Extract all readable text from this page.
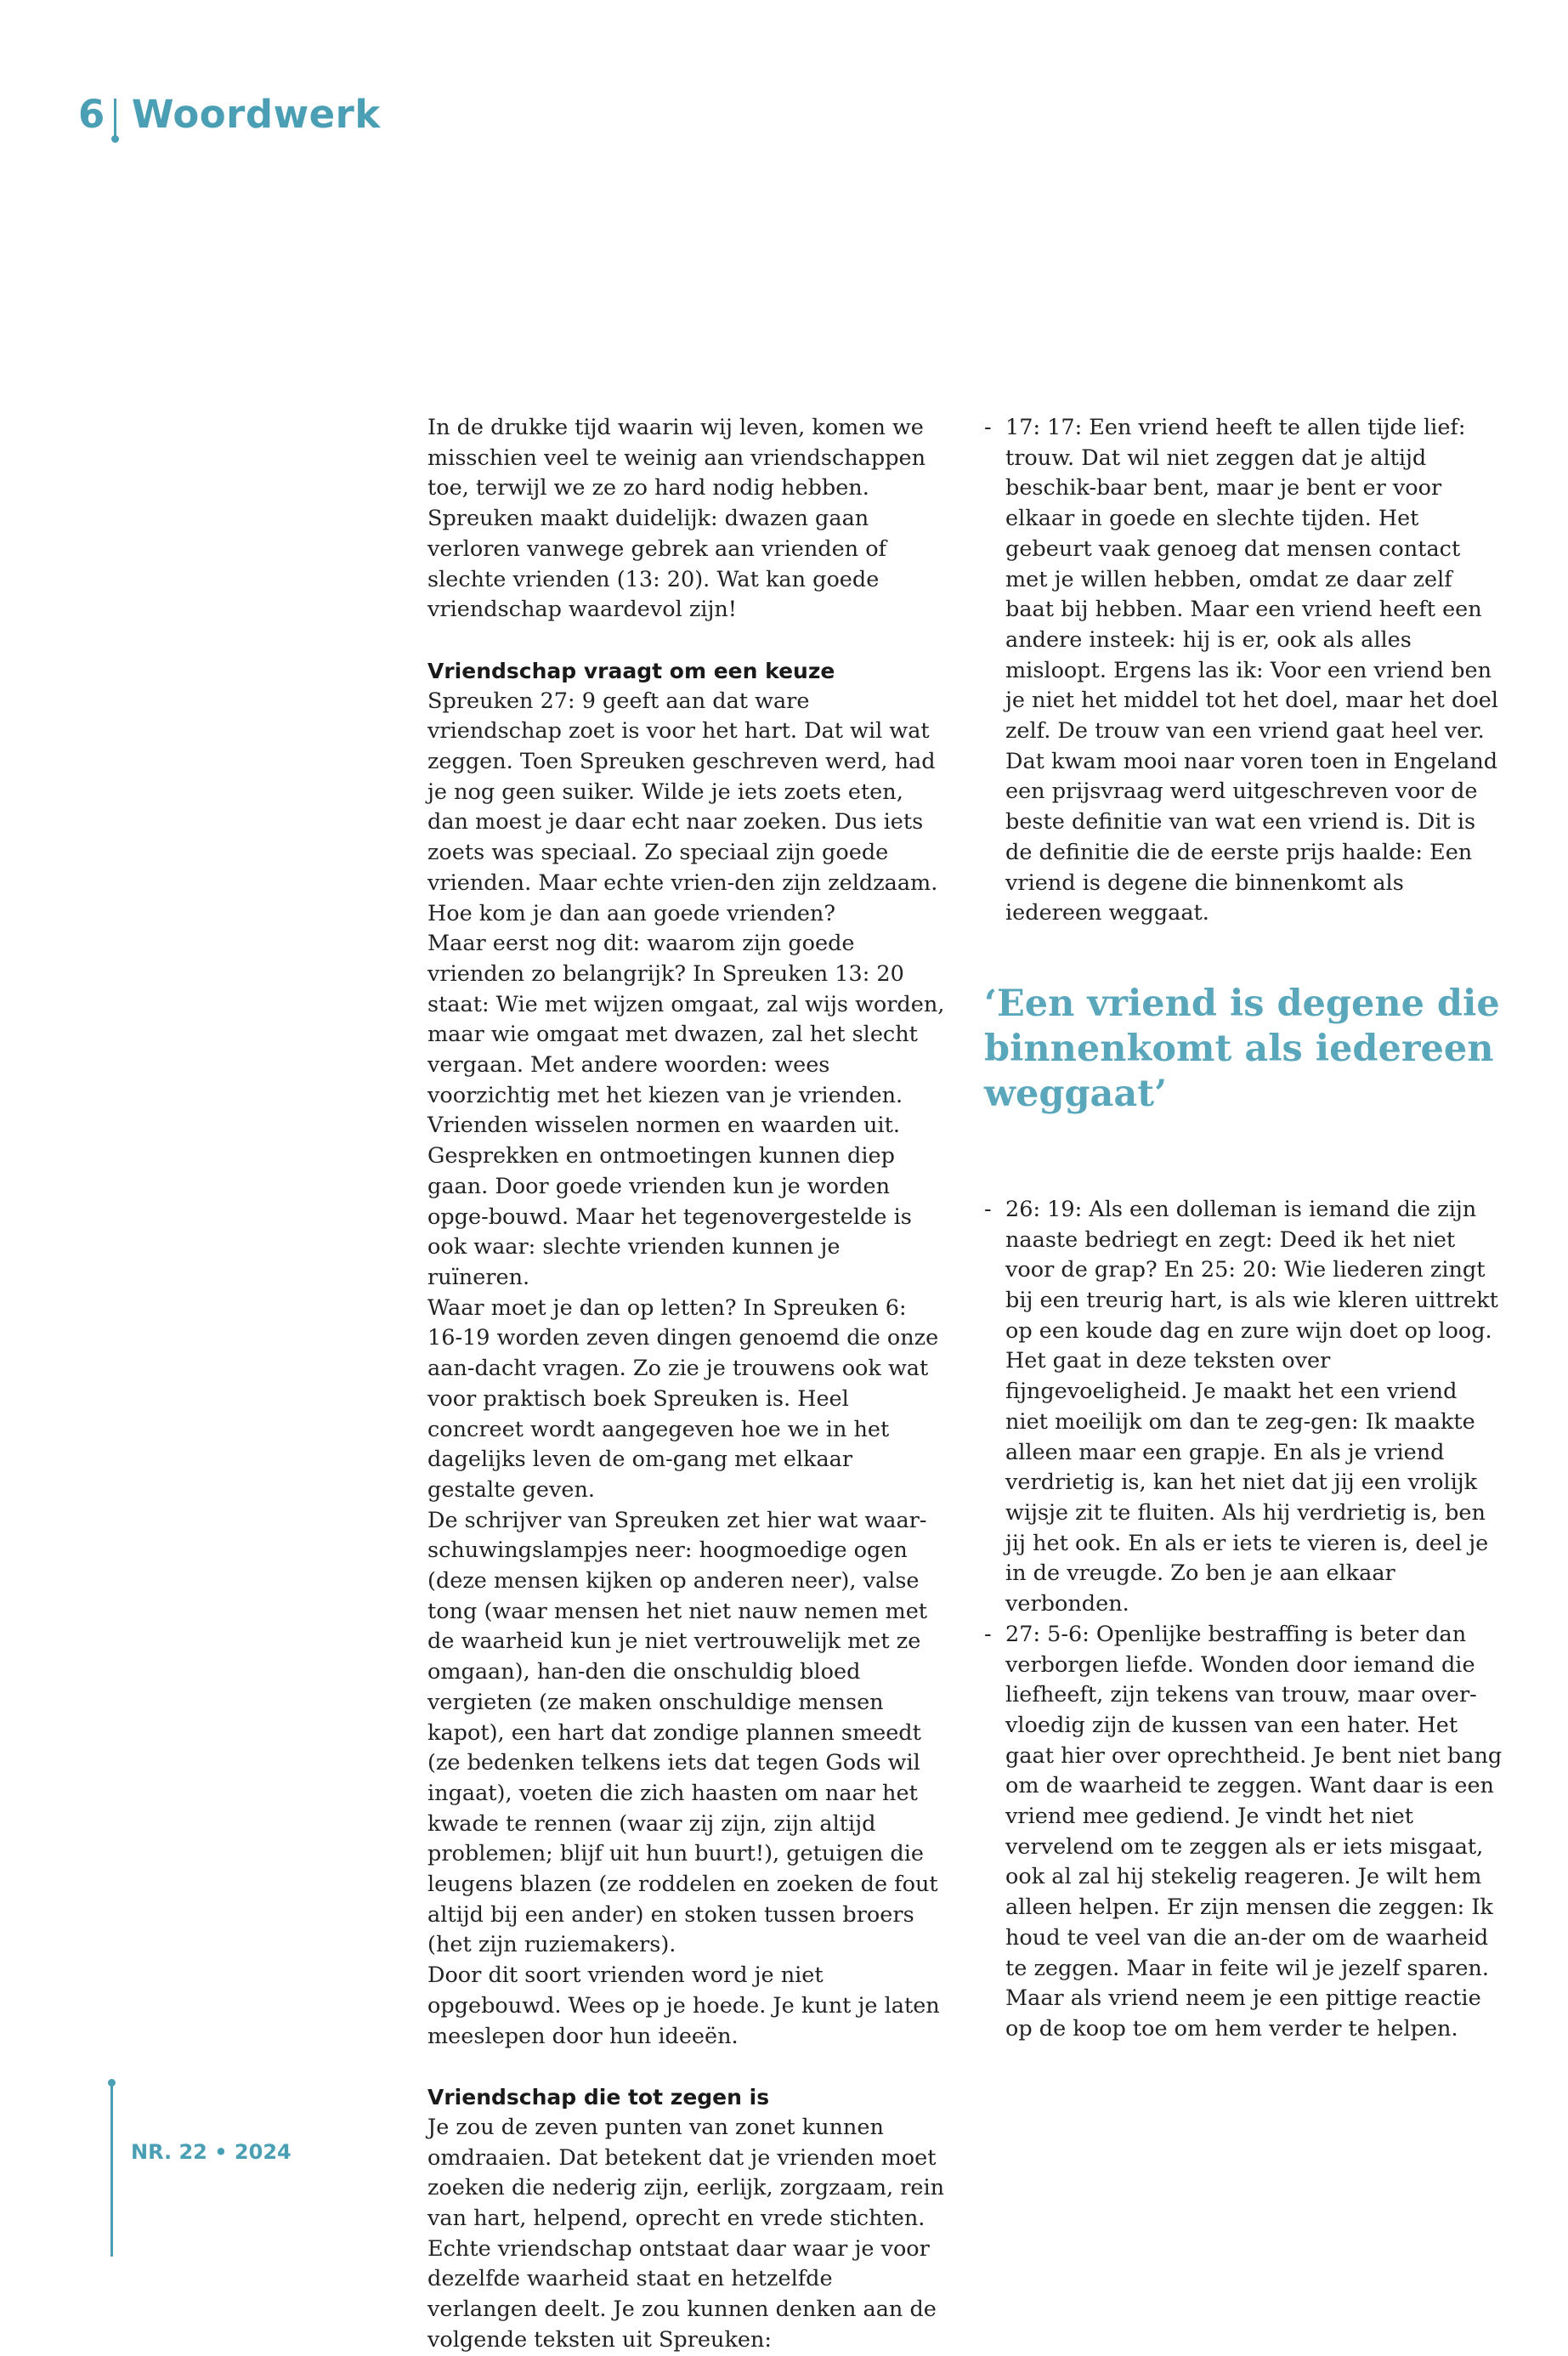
6 Woordwerk

In de drukke tijd waarin wij leven, komen we misschien veel te weinig aan vriendschappen toe, terwijl we ze zo hard nodig hebben. Spreuken maakt duidelijk: dwazen gaan verloren vanwege gebrek aan vrienden of slechte vrienden (13: 20). Wat kan goede vriendschap waardevol zijn!

Vriendschap vraagt om een keuze

Spreuken 27: 9 geeft aan dat ware vriendschap zoet is voor het hart. Dat wil wat zeggen. Toen Spreuken geschreven werd, had je nog geen suiker. Wilde je iets zoets eten, dan moest je daar echt naar zoeken. Dus iets zoets was speciaal. Zo speciaal zijn goede vrienden. Maar echte vrien-den zijn zeldzaam. Hoe kom je dan aan goede vrienden?

Maar eerst nog dit: waarom zijn goede vrienden zo belangrijk? In Spreuken 13: 20 staat: Wie met wijzen omgaat, zal wijs worden, maar wie omgaat met dwazen, zal het slecht vergaan. Met andere woorden: wees voorzichtig met het kiezen van je vrienden. Vrienden wisselen normen en waarden uit. Gesprekken en ontmoetingen kunnen diep gaan. Door goede vrienden kun je worden opge-bouwd. Maar het tegenovergestelde is ook waar: slechte vrienden kunnen je ruïneren.

Waar moet je dan op letten? In Spreuken 6: 16-19 worden zeven dingen genoemd die onze aan-dacht vragen. Zo zie je trouwens ook wat voor praktisch boek Spreuken is. Heel concreet wordt aangegeven hoe we in het dagelijks leven de om-gang met elkaar gestalte geven.

De schrijver van Spreuken zet hier wat waar-schuwingslampjes neer: hoogmoedige ogen (deze mensen kijken op anderen neer), valse tong (waar mensen het niet nauw nemen met de waarheid kun je niet vertrouwelijk met ze omgaan), han-den die onschuldig bloed vergieten (ze maken onschuldige mensen kapot), een hart dat zondige plannen smeedt (ze bedenken telkens iets dat tegen Gods wil ingaat), voeten die zich haasten om naar het kwade te rennen (waar zij zijn, zijn altijd problemen; blijf uit hun buurt!), getuigen die leugens blazen (ze roddelen en zoeken de fout altijd bij een ander) en stoken tussen broers (het zijn ruziemakers).

Door dit soort vrienden word je niet opgebouwd. Wees op je hoede. Je kunt je laten meeslepen door hun ideeën.

Vriendschap die tot zegen is

Je zou de zeven punten van zonet kunnen omdraaien. Dat betekent dat je vrienden moet zoeken die nederig zijn, eerlijk, zorgzaam, rein van hart, helpend, oprecht en vrede stichten. Echte vriendschap ontstaat daar waar je voor dezelfde waarheid staat en hetzelfde verlangen deelt. Je zou kunnen denken aan de volgende teksten uit Spreuken:

- 17: 17: Een vriend heeft te allen tijde lief: trouw. Dat wil niet zeggen dat je altijd beschik-baar bent, maar je bent er voor elkaar in goede en slechte tijden. Het gebeurt vaak genoeg dat mensen contact met je willen hebben, omdat ze daar zelf baat bij hebben. Maar een vriend heeft een andere insteek: hij is er, ook als alles misloopt. Ergens las ik: Voor een vriend ben je niet het middel tot het doel, maar het doel zelf. De trouw van een vriend gaat heel ver. Dat kwam mooi naar voren toen in Engeland een prijsvraag werd uitgeschreven voor de beste definitie van wat een vriend is. Dit is de definitie die de eerste prijs haalde: Een vriend is degene die binnenkomt als iedereen weggaat.
‘Een vriend is degene die binnenkomt als iedereen weggaat’
- 26: 19: Als een dolleman is iemand die zijn naaste bedriegt en zegt: Deed ik het niet voor de grap? En 25: 20: Wie liederen zingt bij een treurig hart, is als wie kleren uittrekt op een koude dag en zure wijn doet op loog. Het gaat in deze teksten over fijngevoeligheid. Je maakt het een vriend niet moeilijk om dan te zeg-gen: Ik maakte alleen maar een grapje. En als je vriend verdrietig is, kan het niet dat jij een vrolijk wijsje zit te fluiten. Als hij verdrietig is, ben jij het ook. En als er iets te vieren is, deel je in de vreugde. Zo ben je aan elkaar verbonden.
- 27: 5-6: Openlijke bestraffing is beter dan verborgen liefde. Wonden door iemand die liefheeft, zijn tekens van trouw, maar over-vloedig zijn de kussen van een hater. Het gaat hier over oprechtheid. Je bent niet bang om de waarheid te zeggen. Want daar is een vriend mee gediend. Je vindt het niet vervelend om te zeggen als er iets misgaat, ook al zal hij stekelig reageren. Je wilt hem alleen helpen. Er zijn mensen die zeggen: Ik houd te veel van die an-der om de waarheid te zeggen. Maar in feite wil je jezelf sparen. Maar als vriend neem je een pittige reactie op de koop toe om hem verder te helpen.
NR. 22 • 2024
